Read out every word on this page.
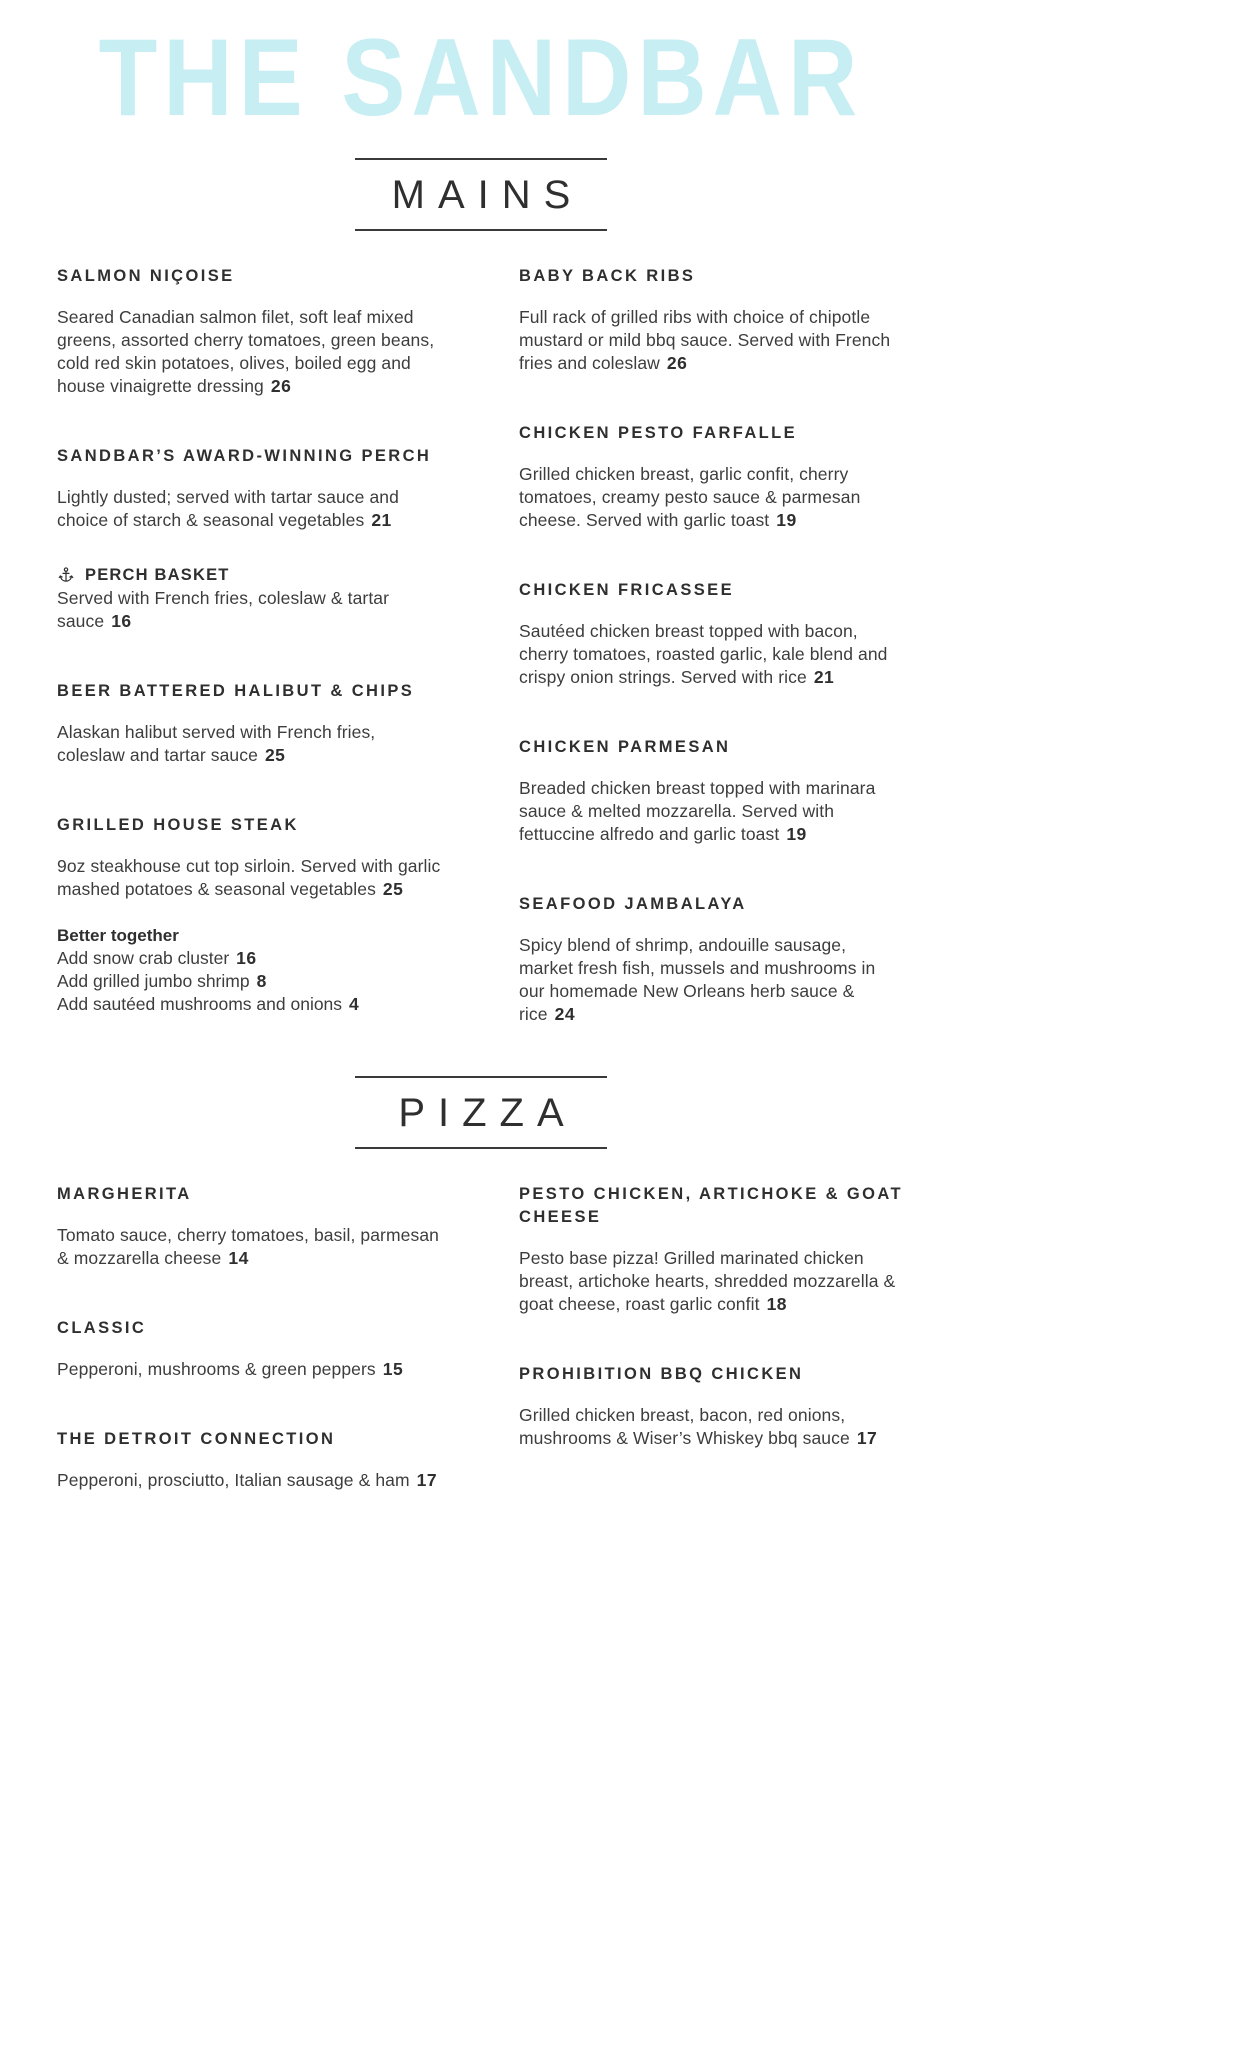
THE SANDBAR
MAINS
SALMON NIÇOISE

Seared Canadian salmon filet, soft leaf mixed greens, assorted cherry tomatoes, green beans, cold red skin potatoes, olives, boiled egg and house vinaigrette dressing 26

SANDBAR’S AWARD-WINNING PERCH

Lightly dusted; served with tartar sauce and choice of starch & seasonal vegetables 21

PERCH BASKET

Served with French fries, coleslaw & tartar sauce 16

BEER BATTERED HALIBUT & CHIPS

Alaskan halibut served with French fries, coleslaw and tartar sauce 25

GRILLED HOUSE STEAK

9oz steakhouse cut top sirloin. Served with garlic mashed potatoes & seasonal vegetables 25

Better together

Add snow crab cluster 16

Add grilled jumbo shrimp 8

Add sautéed mushrooms and onions 4

BABY BACK RIBS

Full rack of grilled ribs with choice of chipotle mustard or mild bbq sauce. Served with French fries and coleslaw 26

CHICKEN PESTO FARFALLE

Grilled chicken breast, garlic confit, cherry tomatoes, creamy pesto sauce & parmesan cheese. Served with garlic toast 19

CHICKEN FRICASSEE

Sautéed chicken breast topped with bacon, cherry tomatoes, roasted garlic, kale blend and crispy onion strings. Served with rice 21

CHICKEN PARMESAN

Breaded chicken breast topped with marinara sauce & melted mozzarella. Served with fettuccine alfredo and garlic toast 19

SEAFOOD JAMBALAYA

Spicy blend of shrimp, andouille sausage, market fresh fish, mussels and mushrooms in our homemade New Orleans herb sauce & rice 24

PIZZA
MARGHERITA

Tomato sauce, cherry tomatoes, basil, parmesan & mozzarella cheese 14

CLASSIC

Pepperoni, mushrooms & green peppers 15

THE DETROIT CONNECTION

Pepperoni, prosciutto, Italian sausage & ham 17

PESTO CHICKEN, ARTICHOKE & GOAT CHEESE

Pesto base pizza! Grilled marinated chicken breast, artichoke hearts, shredded mozzarella & goat cheese, roast garlic confit 18

PROHIBITION BBQ CHICKEN

Grilled chicken breast, bacon, red onions, mushrooms & Wiser’s Whiskey bbq sauce 17
